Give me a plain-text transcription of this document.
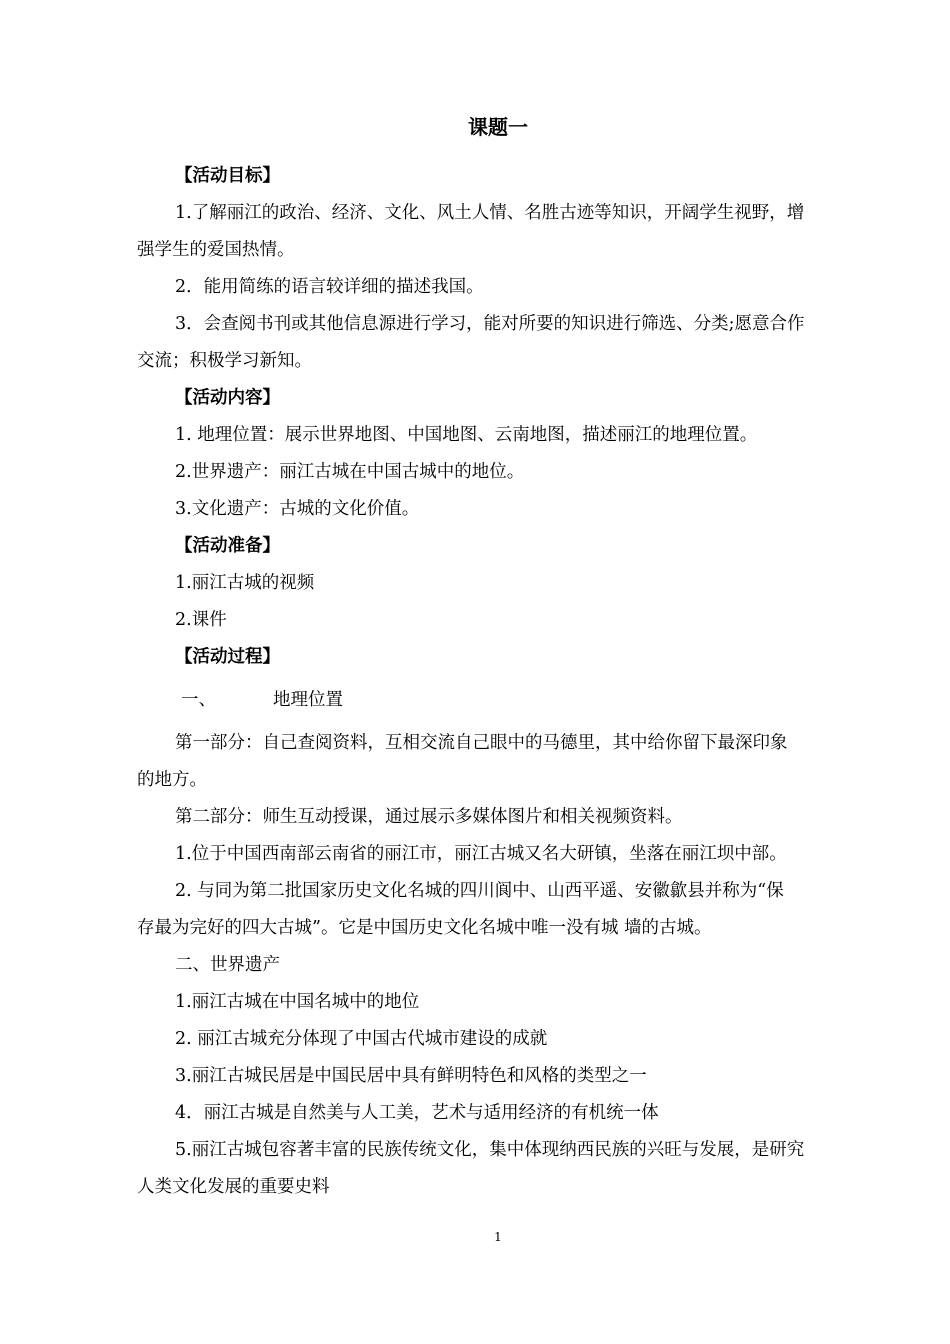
课题一

【活动目标】

1.了解丽江的政治、经济、文化、风土人情、名胜古迹等知识，开阔学生视野，增

强学生的爱国热情。

2．能用简练的语言较详细的描述我国。

3．会查阅书刊或其他信息源进行学习，能对所要的知识进行筛选、分类;愿意合作

交流；积极学习新知。

【活动内容】

1. 地理位置：展示世界地图、中国地图、云南地图，描述丽江的地理位置。

2.世界遗产：丽江古城在中国古城中的地位。

3.文化遗产：古城的文化价值。

【活动准备】

1.丽江古城的视频

2.课件

【活动过程】

一、	地理位置

第一部分：自己查阅资料，互相交流自己眼中的马德里，其中给你留下最深印象

的地方。

第二部分：师生互动授课，通过展示多媒体图片和相关视频资料。

1.位于中国西南部云南省的丽江市，丽江古城又名大研镇，坐落在丽江坝中部。

2. 与同为第二批国家历史文化名城的四川阆中、山西平遥、安徽歙县并称为“保

存最为完好的四大古城”。它是中国历史文化名城中唯一没有城 墙的古城。

二、世界遗产

1.丽江古城在中国名城中的地位

2. 丽江古城充分体现了中国古代城市建设的成就

3.丽江古城民居是中国民居中具有鲜明特色和风格的类型之一

4．丽江古城是自然美与人工美，艺术与适用经济的有机统一体

5.丽江古城包容著丰富的民族传统文化，集中体现纳西民族的兴旺与发展，是研究

人类文化发展的重要史料

1
